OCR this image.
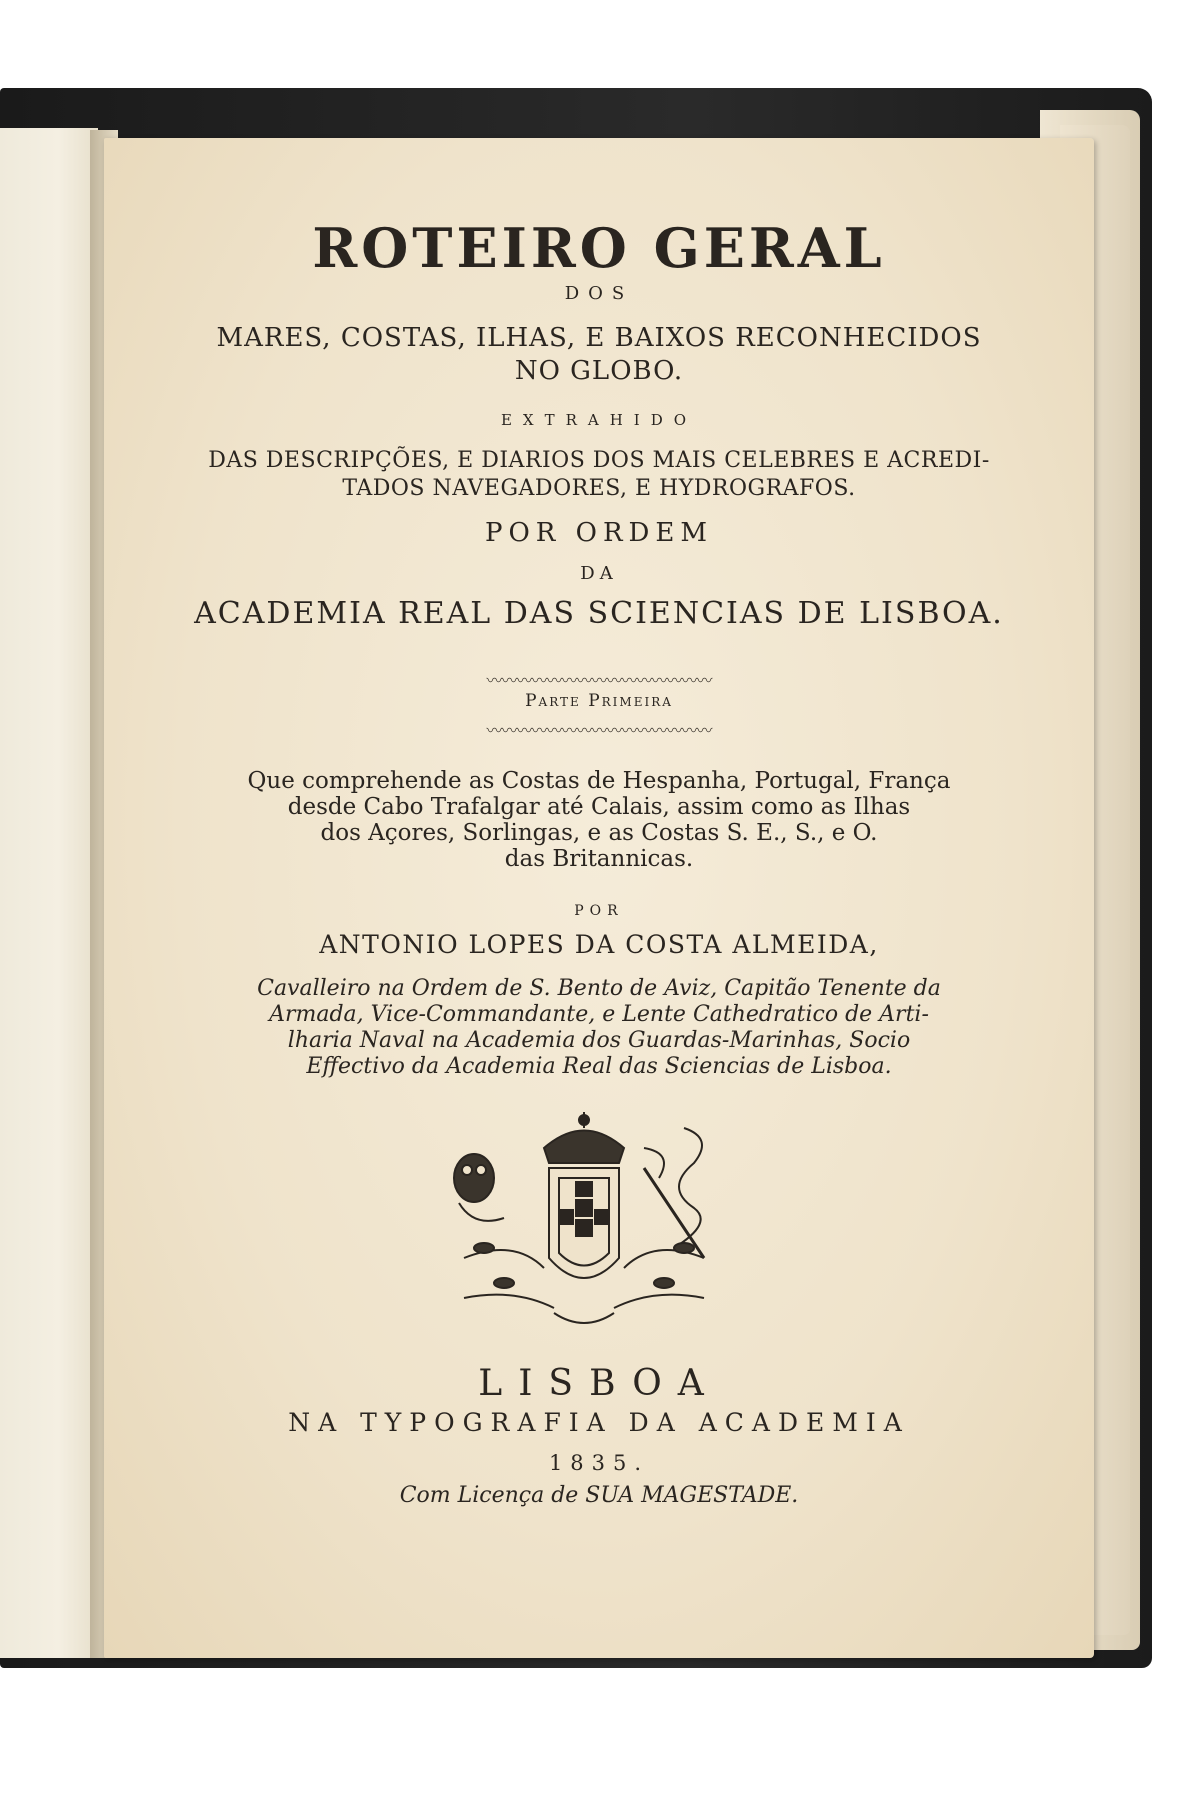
ROTEIRO GERAL
DOS
MARES, COSTAS, ILHAS, E BAIXOS RECONHECIDOS
NO GLOBO.
EXTRAHIDO
DAS DESCRIPÇÕES, E DIARIOS DOS MAIS CELEBRES E ACREDI-
TADOS NAVEGADORES, E HYDROGRAFOS.
POR ORDEM
DA
ACADEMIA REAL DAS SCIENCIAS DE LISBOA.
〰〰〰〰〰〰〰〰〰〰〰〰〰〰〰
Parte Primeira
〰〰〰〰〰〰〰〰〰〰〰〰〰〰〰
Que comprehende as Costas de Hespanha, Portugal, França
desde Cabo Trafalgar até Calais, assim como as Ilhas
dos Açores, Sorlingas, e as Costas S. E., S., e O.
das Britannicas.
POR
ANTONIO LOPES DA COSTA ALMEIDA,
Cavalleiro na Ordem de S. Bento de Aviz, Capitão Tenente da
Armada, Vice-Commandante, e Lente Cathedratico de Arti-
lharia Naval na Academia dos Guardas-Marinhas, Socio
Effectivo da Academia Real das Sciencias de Lisboa.
LISBOA
NA TYPOGRAFIA DA ACADEMIA
1835.
Com Licença de SUA MAGESTADE.
